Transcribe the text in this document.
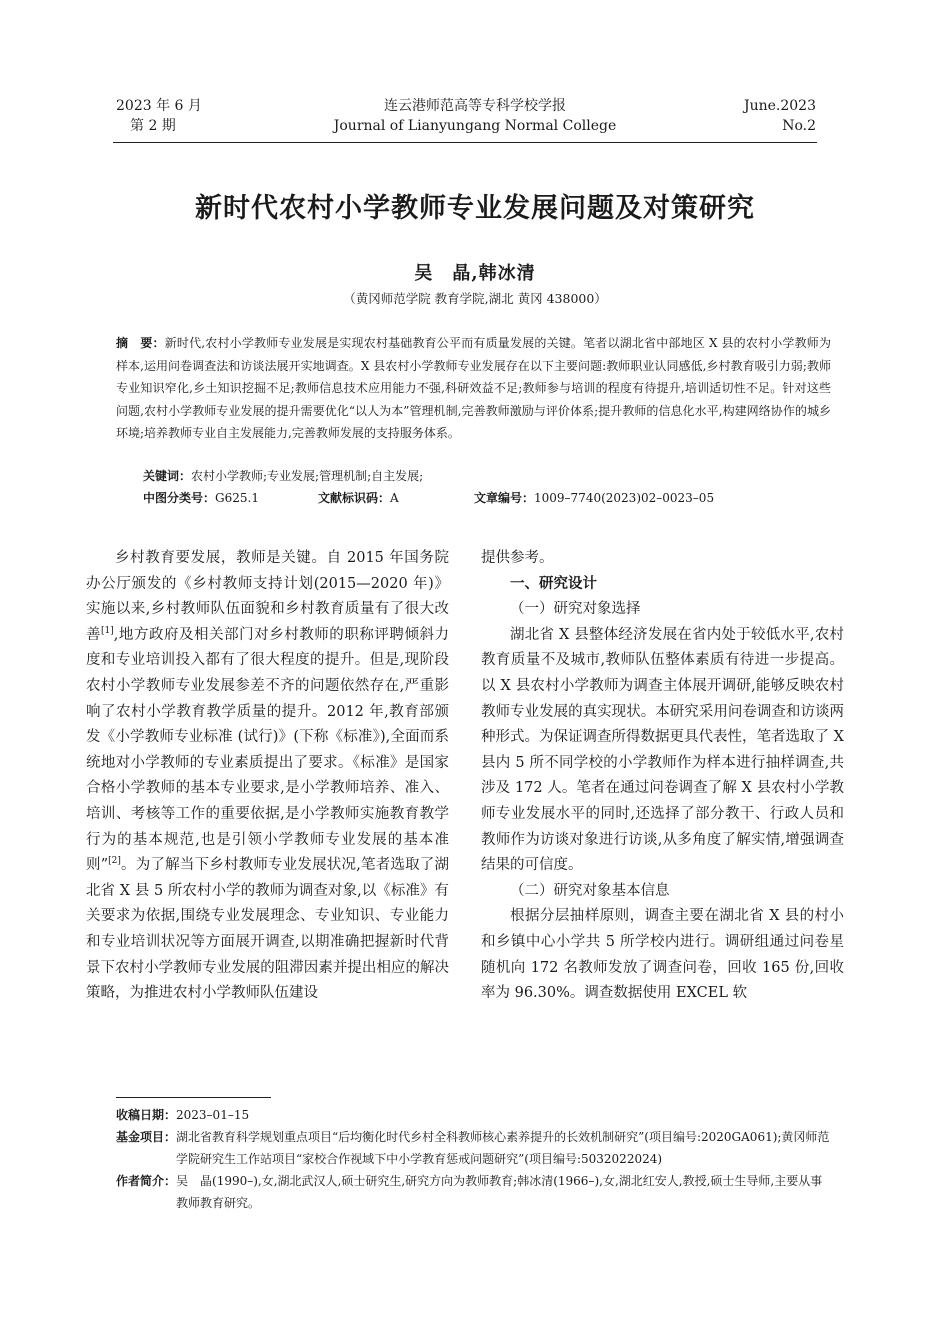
2023 年 6 月
第 2 期
连云港师范高等专科学校学报
Journal of Lianyungang Normal College
June.2023
No.2
新时代农村小学教师专业发展问题及对策研究
吴　晶,韩冰清
（黄冈师范学院 教育学院,湖北 黄冈 438000）
摘　要：新时代,农村小学教师专业发展是实现农村基础教育公平而有质量发展的关键。笔者以湖北省中部地区 X 县的农村小学教师为样本,运用问卷调查法和访谈法展开实地调查。X 县农村小学教师专业发展存在以下主要问题:教师职业认同感低,乡村教育吸引力弱;教师专业知识窄化,乡土知识挖掘不足;教师信息技术应用能力不强,科研效益不足;教师参与培训的程度有待提升,培训适切性不足。针对这些问题,农村小学教师专业发展的提升需要优化“以人为本”管理机制,完善教师激励与评价体系;提升教师的信息化水平,构建网络协作的城乡环境;培养教师专业自主发展能力,完善教师发展的支持服务体系。
关键词：农村小学教师;专业发展;管理机制;自主发展;
中图分类号：G625.1	文献标识码：A	文章编号：1009–7740(2023)02–0023–05

乡村教育要发展，教师是关键。自 2015 年国务院办公厅颁发的《乡村教师支持计划(2015—2020 年)》实施以来,乡村教师队伍面貌和乡村教育质量有了很大改善[1],地方政府及相关部门对乡村教师的职称评聘倾斜力度和专业培训投入都有了很大程度的提升。但是,现阶段农村小学教师专业发展参差不齐的问题依然存在,严重影响了农村小学教育教学质量的提升。2012 年,教育部颁发《小学教师专业标准 (试行)》(下称《标准》),全面而系统地对小学教师的专业素质提出了要求。《标准》是国家合格小学教师的基本专业要求,是小学教师培养、准入、培训、考核等工作的重要依据,是小学教师实施教育教学行为的基本规范,也是引领小学教师专业发展的基本准则”[2]。为了解当下乡村教师专业发展状况,笔者选取了湖北省 X 县 5 所农村小学的教师为调查对象,以《标准》有关要求为依据,围绕专业发展理念、专业知识、专业能力和专业培训状况等方面展开调查,以期准确把握新时代背景下农村小学教师专业发展的阻滞因素并提出相应的解决策略，为推进农村小学教师队伍建设

提供参考。

一、研究设计
（一）研究对象选择

湖北省 X 县整体经济发展在省内处于较低水平,农村教育质量不及城市,教师队伍整体素质有待进一步提高。以 X 县农村小学教师为调查主体展开调研,能够反映农村教师专业发展的真实现状。本研究采用问卷调查和访谈两种形式。为保证调查所得数据更具代表性，笔者选取了 X 县内 5 所不同学校的小学教师作为样本进行抽样调查,共涉及 172 人。笔者在通过问卷调查了解 X 县农村小学教师专业发展水平的同时,还选择了部分教干、行政人员和教师作为访谈对象进行访谈,从多角度了解实情,增强调查结果的可信度。

（二）研究对象基本信息

根据分层抽样原则，调查主要在湖北省 X 县的村小和乡镇中心小学共 5 所学校内进行。调研组通过问卷星随机向 172 名教师发放了调查问卷，回收 165 份,回收率为 96.30%。调查数据使用 EXCEL 软

收稿日期：2023–01–15
基金项目： 湖北省教育科学规划重点项目“后均衡化时代乡村全科教师核心素养提升的长效机制研究”(项目编号:2020GA061);黄冈师范学院研究生工作站项目“家校合作视域下中小学教育惩戒问题研究”(项目编号:5032022024)
作者简介： 吴　晶(1990–),女,湖北武汉人,硕士研究生,研究方向为教师教育;韩冰清(1966–),女,湖北红安人,教授,硕士生导师,主要从事教师教育研究。
